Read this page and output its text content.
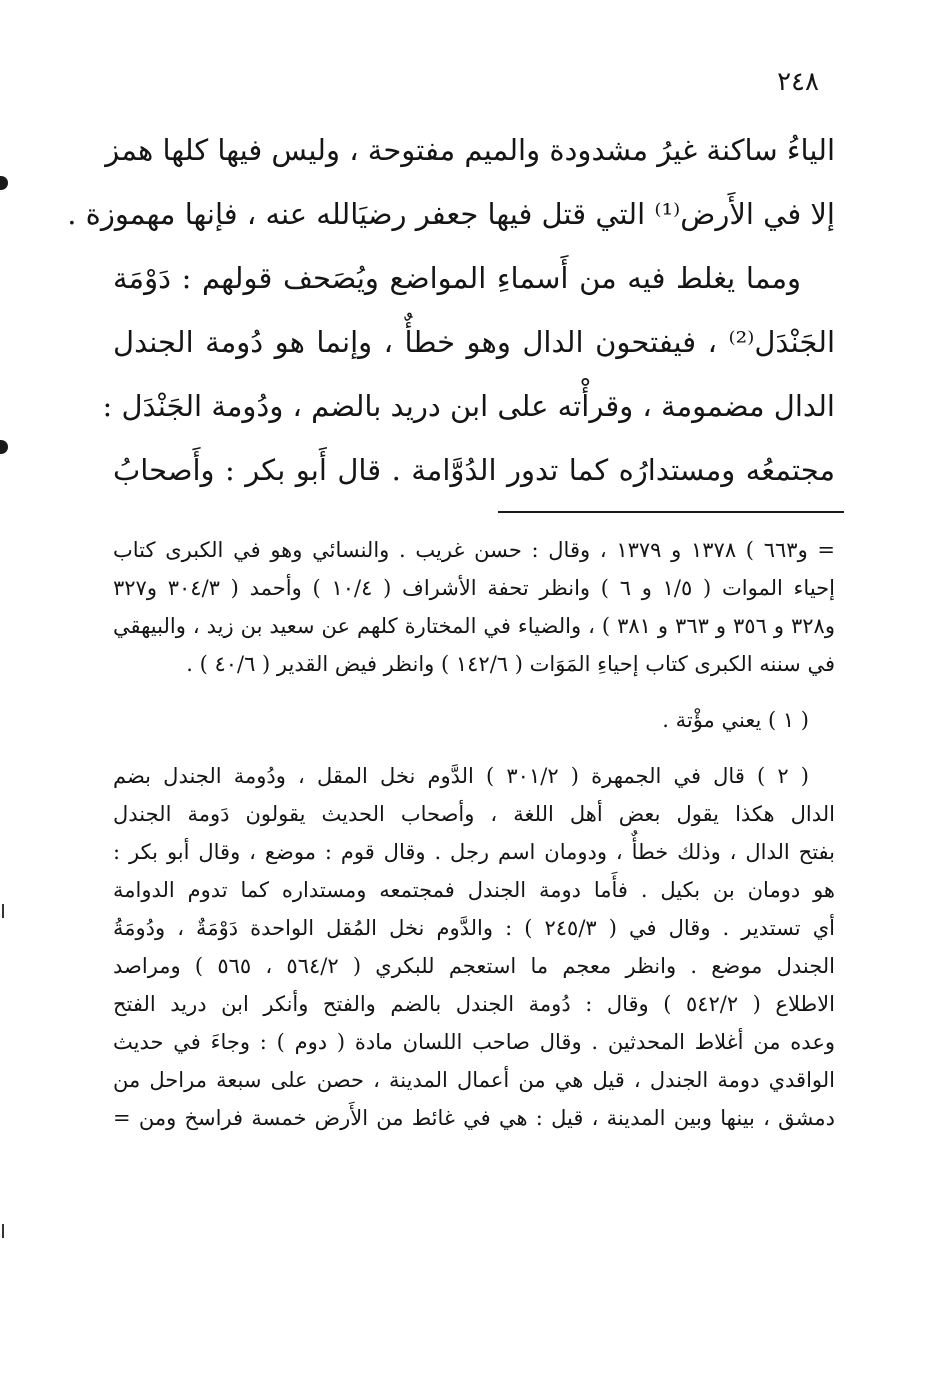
٢٤٨
الياءُ ساكنة غيرُ مشدودة والميم مفتوحة ، وليس فيها كلها همز
إلا في الأَرض⁽¹⁾ التي قتل فيها جعفر رضيَالله عنه ، فإنها مهموزة .
ومما يغلط فيه من أَسماءِ المواضع ويُصَحف قولهم : دَوْمَة
الجَنْدَل⁽²⁾ ، فيفتحون الدال وهو خطأٌ ، وإنما هو دُومة الجندل
الدال مضمومة ، وقرأْته على ابن دريد بالضم ، ودُومة الجَنْدَل :
مجتمعُه ومستدارُه كما تدور الدُوَّامة . قال أَبو بكر : وأَصحابُ
= و٦٦٣ ) ١٣٧٨ و ١٣٧٩ ، وقال : حسن غريب . والنسائي وهو في الكبرى كتاب
إحياء الموات ( ١/٥ و ٦ ) وانظر تحفة الأشراف ( ١٠/٤ ) وأحمد ( ٣٠٤/٣ و٣٢٧
و٣٢٨ و ٣٥٦ و ٣٦٣ و ٣٨١ ) ، والضياء في المختارة كلهم عن سعيد بن زيد ، والبيهقي
في سننه الكبرى كتاب إحياءِ المَوَات ( ١٤٢/٦ ) وانظر فيض القدير ( ٤٠/٦ ) .
( ١ ) يعني مؤْتة .
( ٢ ) قال في الجمهرة ( ٣٠١/٢ ) الدَّوم نخل المقل ، ودُومة الجندل بضم
الدال هكذا يقول بعض أهل اللغة ، وأصحاب الحديث يقولون دَومة الجندل
بفتح الدال ، وذلك خطأٌ ، ودومان اسم رجل . وقال قوم : موضع ، وقال أبو بكر :
هو دومان بن بكيل . فأَما دومة الجندل فمجتمعه ومستداره كما تدوم الدوامة
أي تستدير . وقال في ( ٢٤٥/٣ ) : والدَّوم نخل المُقل الواحدة دَوْمَةٌ ، ودُومَةُ
الجندل موضع . وانظر معجم ما استعجم للبكري ( ٥٦٤/٢ ، ٥٦٥ ) ومراصد
الاطلاع ( ٥٤٢/٢ ) وقال : دُومة الجندل بالضم والفتح وأنكر ابن دريد الفتح
وعده من أغلاط المحدثين . وقال صاحب اللسان مادة ( دوم ) : وجاءَ في حديث
الواقدي دومة الجندل ، قيل هي من أعمال المدينة ، حصن على سبعة مراحل من
دمشق ، بينها وبين المدينة ، قيل : هي في غائط من الأَرض خمسة فراسخ ومن =
